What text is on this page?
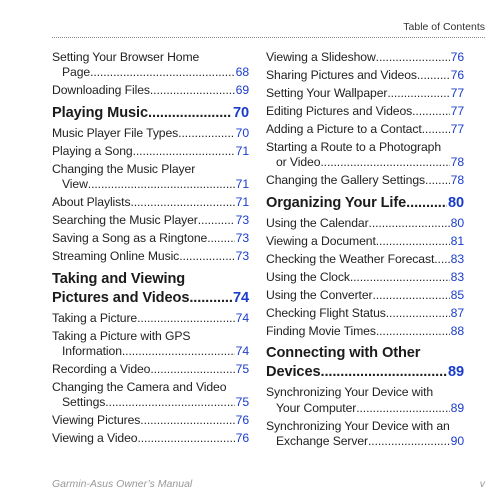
Table of Contents
Setting Your Browser Home
Page .....	68
Downloading Files .....	69
Playing Music .....	70
Music Player File Types .....	70
Playing a Song .....	71
Changing the Music Player
View .....	71
About Playlists .....	71
Searching the Music Player .....	73
Saving a Song as a Ringtone ..... 73
Streaming Online Music .....	73
Taking and Viewing
Pictures and Videos .....	74
Taking a Picture .....	74
Taking a Picture with GPS
Information .....	74
Recording a Video .....	75
Changing the Camera and Video
Settings .....	75
Viewing Pictures .....	76
Viewing a Video .....	76
Viewing a Slideshow .....	76
Sharing Pictures and Videos .....	76
Setting Your Wallpaper .....	77
Editing Pictures and Videos .....	77
Adding a Picture to a Contact ..... 77
Starting a Route to a Photograph
or Video .....	78
Changing the Gallery Settings ..... 78
Organizing Your Life .....	80
Using the Calendar .....	80
Viewing a Document .....	81
Checking the Weather Forecast ..... 83
Using the Clock .....	83
Using the Converter .....	85
Checking Flight Status .....	87
Finding Movie Times .....	88
Connecting with Other
Devices .....	89
Synchronizing Your Device with
Your Computer .....	89
Synchronizing Your Device with an
Exchange Server .....	90
Garmin-Asus Owner’s Manual	v
